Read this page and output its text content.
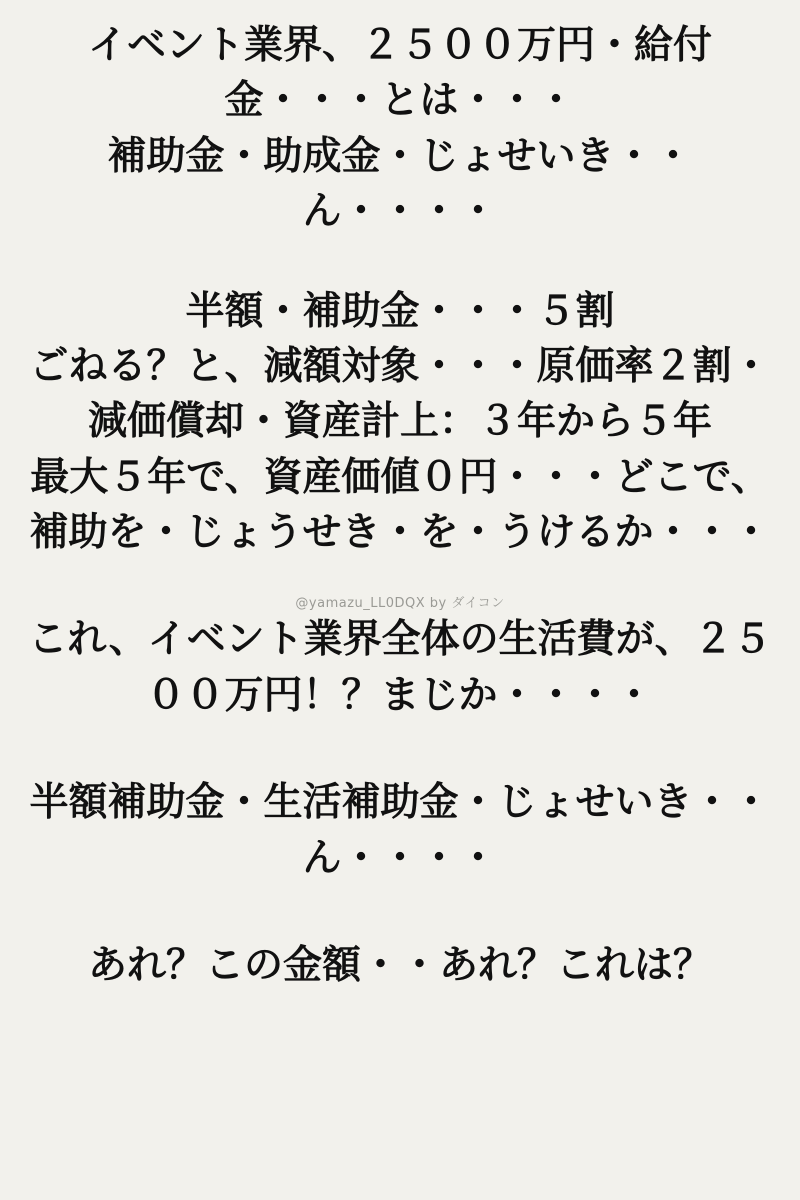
イベント業界、２５００万円・給付金・・・とは・・・
補助金・助成金・じょせいき・・ん・・・・
半額・補助金・・・５割
ごねる？と、減額対象・・・原価率２割・減価償却・資産計上：３年から５年
最大５年で、資産価値０円・・・どこで、補助を・じょうせき・を・うけるか・・・
これ、イベント業界全体の生活費が、２５００万円！？まじか・・・・
半額補助金・生活補助金・じょせいき・・ん・・・・
あれ？この金額・・あれ？これは？
@yamazu_LL0DQX by ダイコン
